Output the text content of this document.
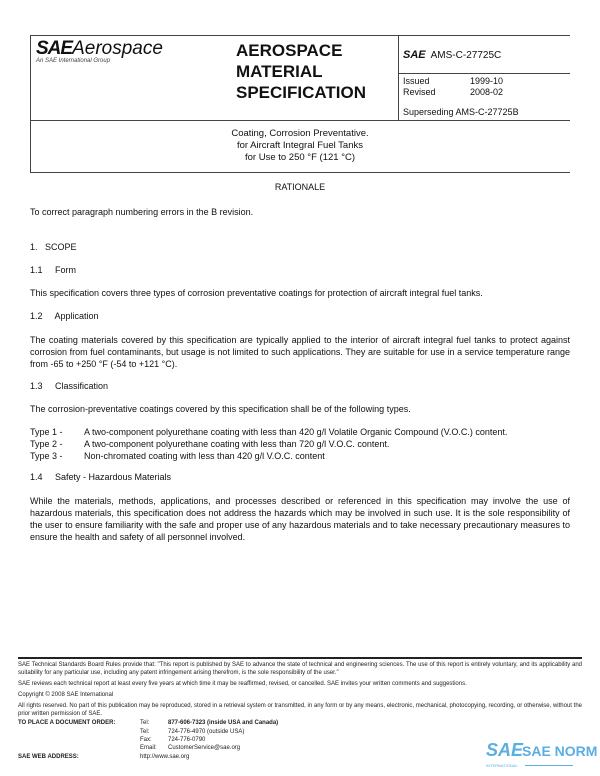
SAEAerospace
An SAE International Group
AEROSPACE
MATERIAL
SPECIFICATION
SAE AMS-C-27725C
Issued	1999-10
Revised	2008-02
Superseding AMS-C-27725B
Coating, Corrosion Preventative.
for Aircraft Integral Fuel Tanks
for Use to 250 °F (121 °C)
RATIONALE
To correct paragraph numbering errors in the B revision.
1.   SCOPE
1.1     Form
This specification covers three types of corrosion preventative coatings for protection of aircraft integral fuel tanks.
1.2     Application
The coating materials covered by this specification are typically applied to the interior of aircraft integral fuel tanks to protect against corrosion from fuel contaminants, but usage is not limited to such applications. They are suitable for use in a service temperature range from -65 to +250 °F (-54 to +121 °C).
1.3     Classification
The corrosion-preventative coatings covered by this specification shall be of the following types.
Type 1 - A two-component polyurethane coating with less than 420 g/l Volatile Organic Compound (V.O.C.) content.
Type 2 - A two-component polyurethane coating with less than 720 g/l V.O.C. content.
Type 3 - Non-chromated coating with less than 420 g/l V.O.C. content
1.4     Safety - Hazardous Materials
While the materials, methods, applications, and processes described or referenced in this specification may involve the use of hazardous materials, this specification does not address the hazards which may be involved in such use. It is the sole responsibility of the user to ensure familiarity with the safe and proper use of any hazardous materials and to take necessary precautionary measures to ensure the health and safety of all personnel involved.
SAE Technical Standards Board Rules provide that: "This report is published by SAE to advance the state of technical and engineering sciences. The use of this report is entirely voluntary, and its applicability and suitability for any particular use, including any patent infringement arising therefrom, is the sole responsibility of the user."
SAE reviews each technical report at least every five years at which time it may be reaffirmed, revised, or cancelled. SAE invites your written comments and suggestions.
Copyright © 2008 SAE International
All rights reserved. No part of this publication may be reproduced, stored in a retrieval system or transmitted, in any form or by any means, electronic, mechanical, photocopying, recording, or otherwise, without the prior written permission of SAE.
TO PLACE A DOCUMENT ORDER:	Tel:	877-606-7323 (inside USA and Canada)
Tel:	724-776-4970 (outside USA)
Fax:	724-776-0790
Email: CustomerService@sae.org
SAE WEB ADDRESS:	http://www.sae.org	SAE
SAE NORM
INTERNATIONAL
